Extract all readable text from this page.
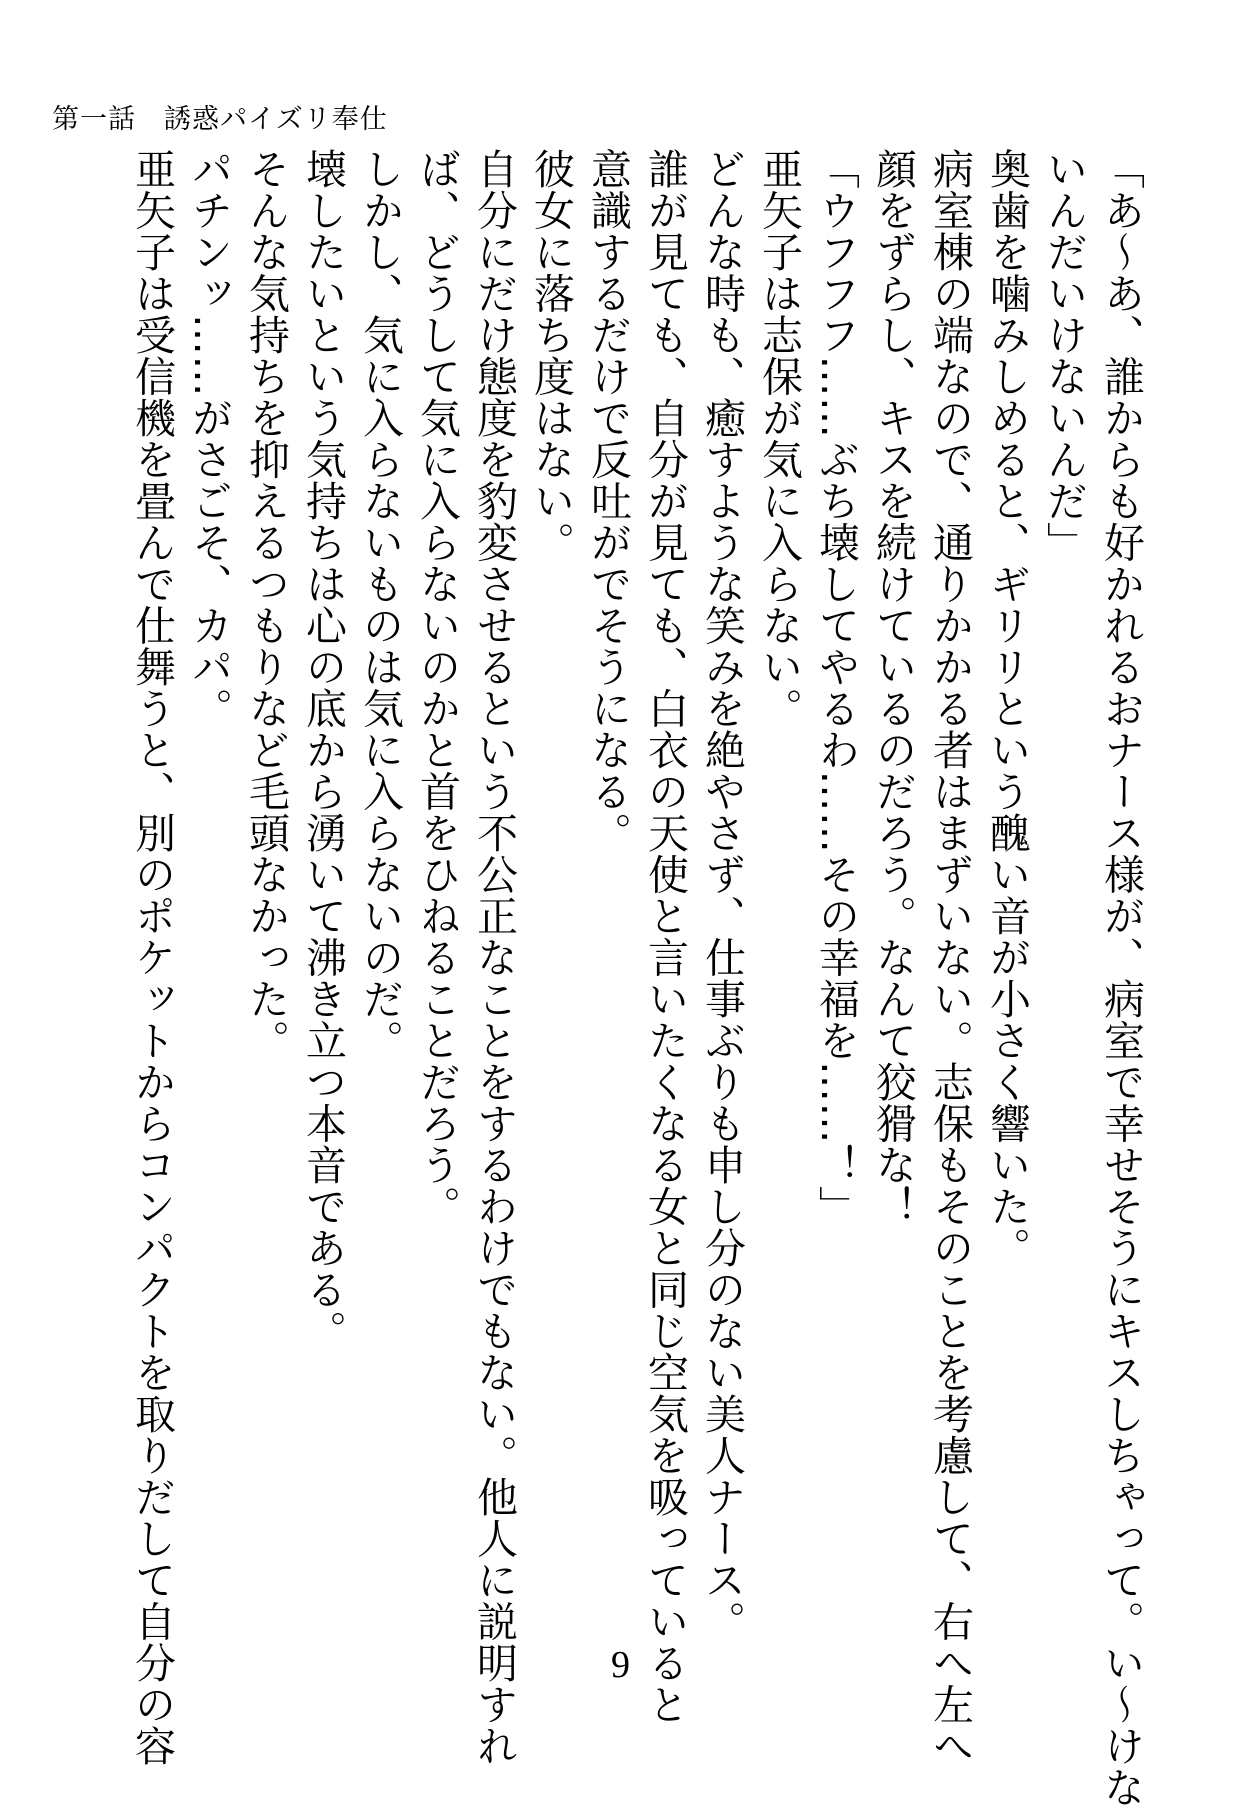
第一話　誘惑パイズリ奉仕
「あ～あ、誰からも好かれるおナース様が、病室で幸せそうにキスしちゃって。い～けな
いんだいけないんだ」
奥歯を噛みしめると、ギリリという醜い音が小さく響いた。
病室棟の端なので、通りかかる者はまずいない。志保もそのことを考慮して、右へ左へ
顔をずらし、キスを続けているのだろう。なんて狡猾な！
「ウフフフ……ぶち壊してやるわ……その幸福を……！」
亜矢子は志保が気に入らない。
どんな時も、癒すような笑みを絶やさず、仕事ぶりも申し分のない美人ナース。
誰が見ても、自分が見ても、白衣の天使と言いたくなる女と同じ空気を吸っていると
意識するだけで反吐がでそうになる。
彼女に落ち度はない。
自分にだけ態度を豹変させるという不公正なことをするわけでもない。他人に説明すれ
ば、どうして気に入らないのかと首をひねることだろう。
しかし、気に入らないものは気に入らないのだ。
壊したいという気持ちは心の底から湧いて沸き立つ本音である。
そんな気持ちを抑えるつもりなど毛頭なかった。
パチンッ……がさごそ、カパ。
亜矢子は受信機を畳んで仕舞うと、別のポケットからコンパクトを取りだして自分の容	9
